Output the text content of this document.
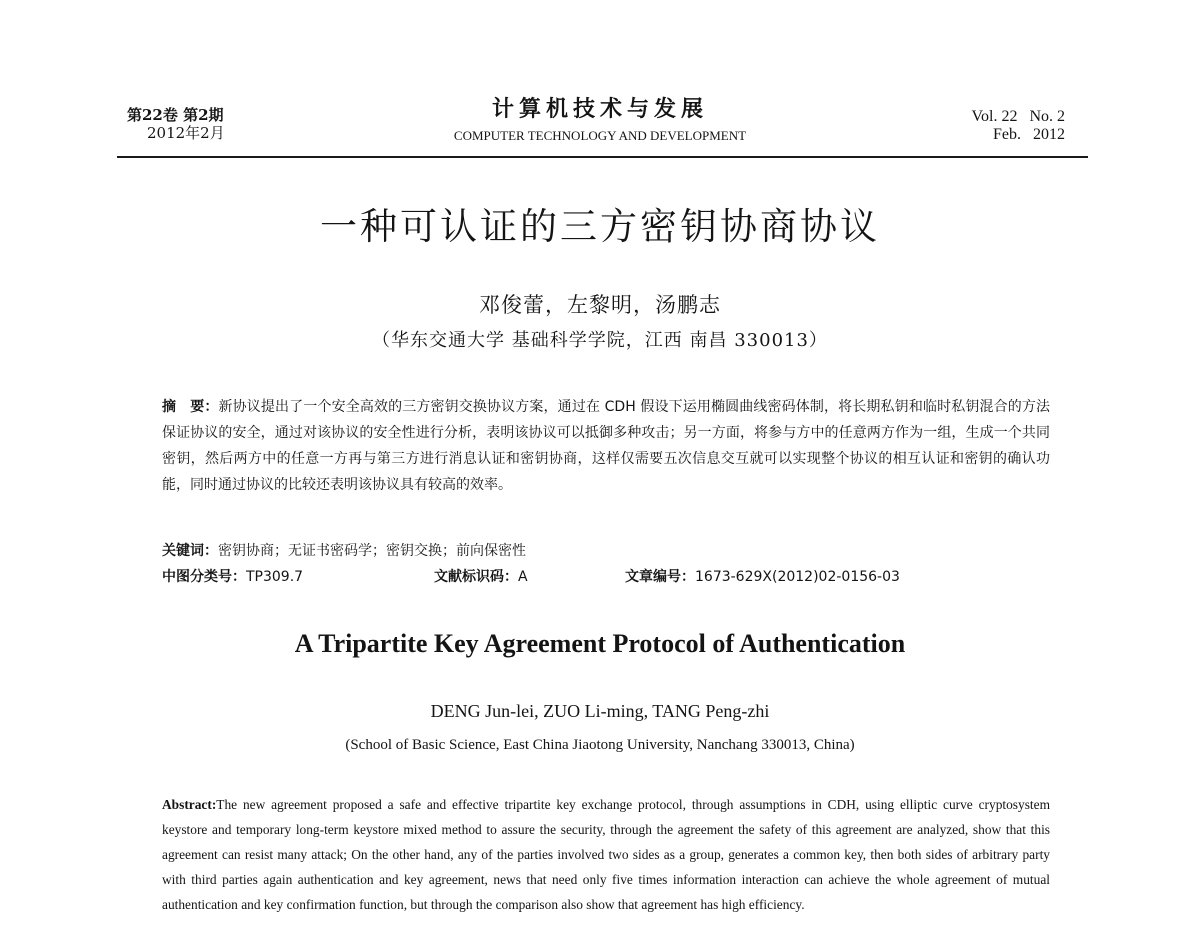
第22卷 第2期
2012年2月
计算机技术与发展
COMPUTER TECHNOLOGY AND DEVELOPMENT
Vol. 22   No. 2
Feb.   2012
一种可认证的三方密钥协商协议
邓俊蕾，左黎明，汤鹏志
（华东交通大学 基础科学学院，江西 南昌 330013）
摘　要：新协议提出了一个安全高效的三方密钥交换协议方案，通过在 CDH 假设下运用椭圆曲线密码体制，将长期私钥和临时私钥混合的方法保证协议的安全，通过对该协议的安全性进行分析，表明该协议可以抵御多种攻击；另一方面，将参与方中的任意两方作为一组，生成一个共同密钥，然后两方中的任意一方再与第三方进行消息认证和密钥协商，这样仅需要五次信息交互就可以实现整个协议的相互认证和密钥的确认功能，同时通过协议的比较还表明该协议具有较高的效率。
关键词：密钥协商；无证书密码学；密钥交换；前向保密性
中图分类号：TP309.7	文献标识码：A	文章编号：1673-629X(2012)02-0156-03
A Tripartite Key Agreement Protocol of Authentication
DENG Jun-lei, ZUO Li-ming, TANG Peng-zhi
(School of Basic Science, East China Jiaotong University, Nanchang 330013, China)
Abstract:The new agreement proposed a safe and effective tripartite key exchange protocol, through assumptions in CDH, using elliptic curve cryptosystem keystore and temporary long-term keystore mixed method to assure the security, through the agreement the safety of this agreement are analyzed, show that this agreement can resist many attack; On the other hand, any of the parties involved two sides as a group, generates a common key, then both sides of arbitrary party with third parties again authentication and key agreement, news that need only five times information interaction can achieve the whole agreement of mutual authentication and key confirmation function, but through the comparison also show that agreement has high efficiency.
